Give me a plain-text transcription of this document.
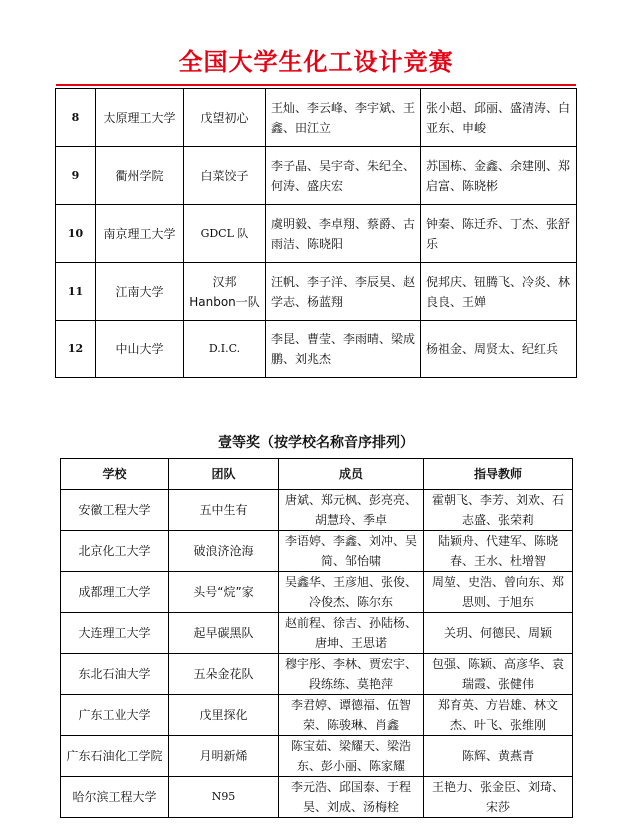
全国大学生化工设计竞赛
8	太原理工大学	戊望初心	王灿、李云峰、李宇斌、王鑫、田江立	张小超、邱丽、盛清涛、白亚东、申峻
9	衢州学院	白菜饺子	李子晶、吴宇奇、朱纪全、何涛、盛庆宏	苏国栋、金鑫、余建刚、郑启富、陈晓彬
10	南京理工大学	GDCL 队	虞明毅、李卓翔、蔡爵、古雨洁、陈晓阳	钟秦、陈迁乔、丁杰、张舒乐
11	江南大学	汉邦 Hanbon一队	汪帆、李子洋、李辰昊、赵学志、杨蓝翔	倪邦庆、钮腾飞、冷炎、林良良、王婵
12	中山大学	D.I.C.	李昆、曹莹、李雨晴、梁成鹏、刘兆杰	杨祖金、周贤太、纪红兵
壹等奖（按学校名称音序排列）
学校	团队	成员	指导教师
安徽工程大学	五中生有	唐斌、郑元枫、彭亮亮、胡慧玲、季卓	霍朝飞、李芳、刘欢、石志盛、张荣莉
北京化工大学	破浪济沧海	李语婷、李鑫、刘冲、吴简、邹怡啸	陆颖舟、代建军、陈晓春、王水、杜增智
成都理工大学	头号“烷”家	吴鑫华、王彦旭、张俊、冷俊杰、陈尔东	周堃、史浩、曾向东、郑思则、于旭东
大连理工大学	起早碳黑队	赵前程、徐吉、孙陆杨、唐坤、王思诺	关玥、何德民、周颖
东北石油大学	五朵金花队	穆宇彤、李林、贾宏宇、段练练、莫艳萍	包强、陈颖、高彦华、袁瑞霞、张健伟
广东工业大学	戊里探化	李君婷、谭德福、伍智荣、陈骏琳、肖鑫	郑育英、方岩雄、林文杰、叶飞、张维刚
广东石油化工学院	月明新烯	陈宝茹、梁耀天、梁浩东、彭小丽、陈家耀	陈辉、黄燕青
哈尔滨工程大学	N95	李元浩、邱国泰、于程昊、刘成、汤梅栓	王艳力、张金臣、刘琦、宋莎
